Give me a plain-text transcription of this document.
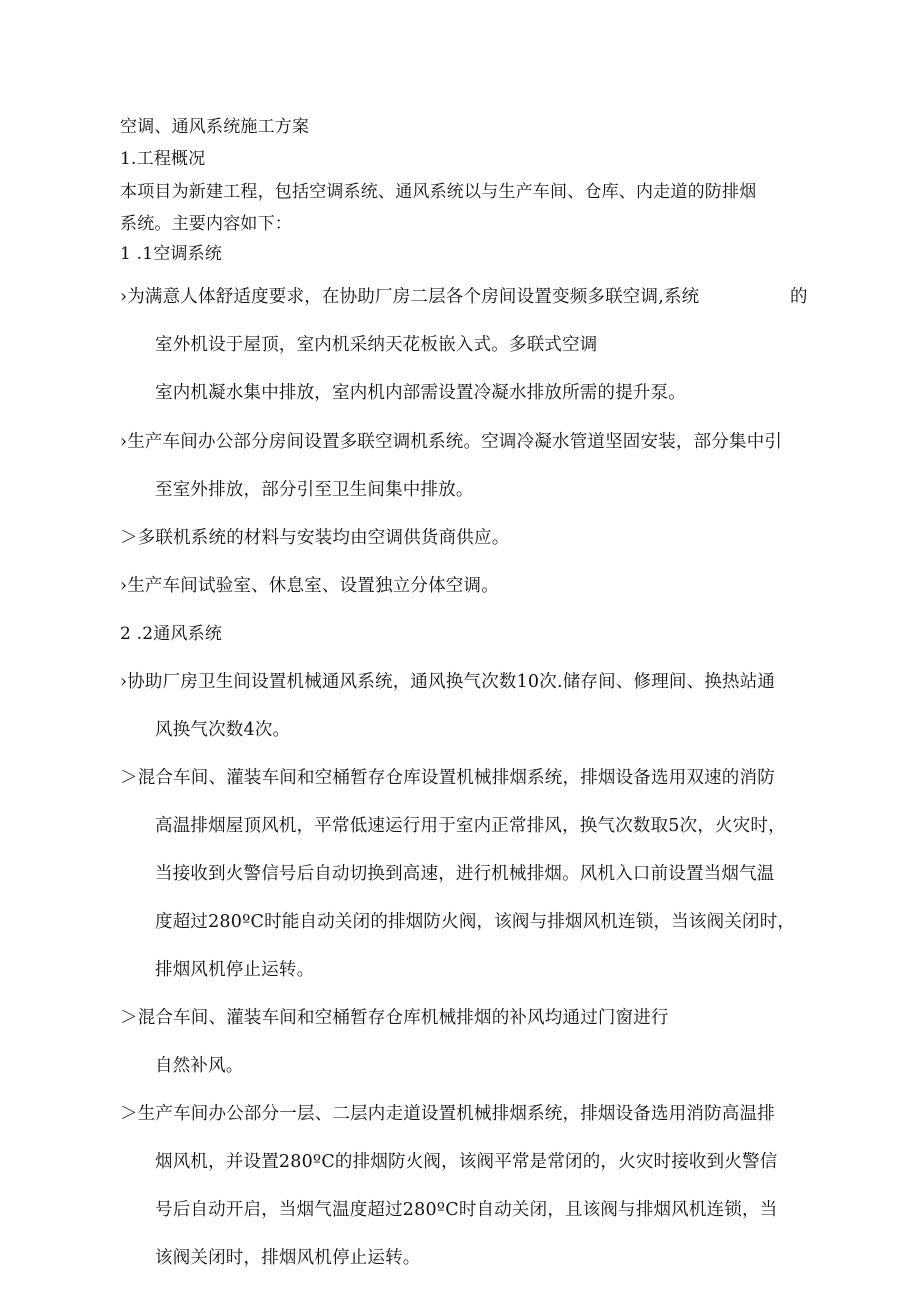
空调、通风系统施工方案
1.工程概况
本项目为新建工程，包括空调系统、通风系统以与生产车间、仓库、内走道的防排烟
系统。主要内容如下：
1 .1空调系统
›为满意人体舒适度要求，在协助厂房二层各个房间设置变频多联空调,系统	的
室外机设于屋顶，室内机采纳天花板嵌入式。多联式空调
室内机凝水集中排放，室内机内部需设置冷凝水排放所需的提升泵。
›生产车间办公部分房间设置多联空调机系统。空调冷凝水管道坚固安装，部分集中引
至室外排放，部分引至卫生间集中排放。
＞多联机系统的材料与安装均由空调供货商供应。
›生产车间试验室、休息室、设置独立分体空调。
2 .2通风系统
›协助厂房卫生间设置机械通风系统，通风换气次数10次.储存间、修理间、换热站通
风换气次数4次。
＞混合车间、灌装车间和空桶暂存仓库设置机械排烟系统，排烟设备选用双速的消防
高温排烟屋顶风机，平常低速运行用于室内正常排风，换气次数取5次，火灾时，
当接收到火警信号后自动切换到高速，进行机械排烟。风机入口前设置当烟气温
度超过280ºC时能自动关闭的排烟防火阀，该阀与排烟风机连锁，当该阀关闭时，
排烟风机停止运转。
＞混合车间、灌装车间和空桶暂存仓库机械排烟的补风均通过门窗进行
自然补风。
＞生产车间办公部分一层、二层内走道设置机械排烟系统，排烟设备选用消防高温排
烟风机，并设置280ºC的排烟防火阀，该阀平常是常闭的，火灾时接收到火警信
号后自动开启，当烟气温度超过280ºC时自动关闭，且该阀与排烟风机连锁，当
该阀关闭时，排烟风机停止运转。
